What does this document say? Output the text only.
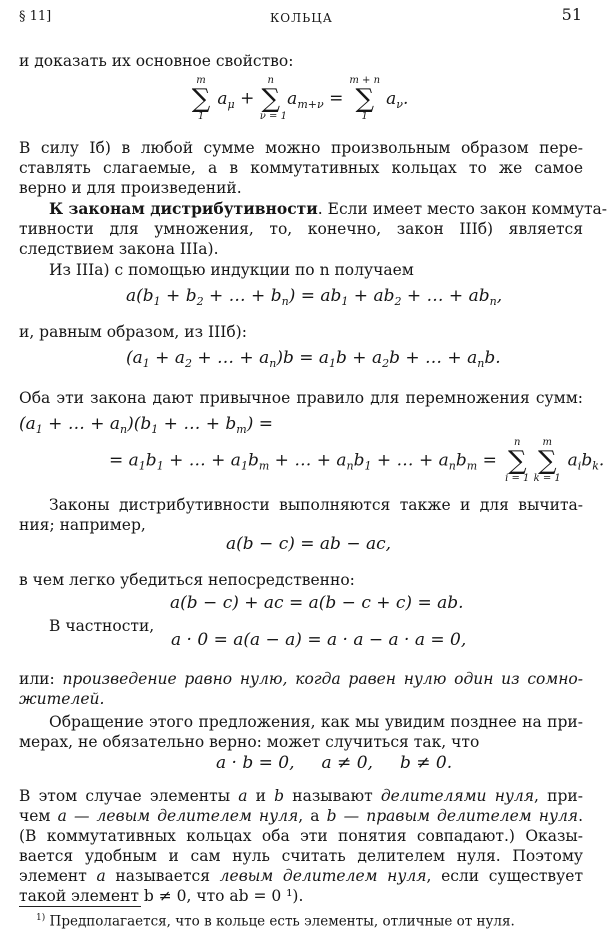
§ 11]	КОЛЬЦА	51
и доказать их основное свойство:
m
∑
1
$a_\mu$ +
n
∑
ν = 1
$a_{m+\nu}$ =
m + n
∑
1
$a_\nu$.
В силу Iб) в любой сумме можно произвольным образом пере-
ставлять слагаемые, а в коммутативных кольцах то же самое
верно и для произведений.
К законам дистрибутивности. Если имеет место закон коммута-
тивности для умножения, то, конечно, закон IIIб) является
следствием закона IIIa).
Из IIIa) с помощью индукции по n получаем
$a(b_1 + b_2$ + … + $b_n) = ab_1 + ab_2$ + … + $ab_n$,
и, равным образом, из IIIб):
($a_1 + a_2$ + … + $a_n)b = a_1b + a_2b$ + … + $a_nb$.
Оба эти закона дают привычное правило для перемножения сумм:
($a_1$ + … + $a_n)(b_1$ + … + $b_m$) =
= $a_1b_1$ + … + $a_1b_m$ + … + $a_nb_1$ + … + $a_nb_m$ =
n
∑
i = 1
m
∑
k = 1
$a_ib_k$.
Законы дистрибутивности выполняются также и для вычита-
ния; например,
a(b − c) = ab − ac,
в чем легко убедиться непосредственно:
a(b − c) + ac = a(b − c + c) = ab.
В частности,
a · 0 = a(a − a) = a · a − a · a = 0,
или: произведение равно нулю, когда равен нулю один из сомно-
жителей.
Обращение этого предложения, как мы увидим позднее на при-
мерах, не обязательно верно: может случиться так, что
a · b = 0,     a ≠ 0,     b ≠ 0.
В этом случае элементы a и b называют делителями нуля, при-
чем а — левым делителем нуля, а b — правым делителем нуля.
(В коммутативных кольцах оба эти понятия совпадают.) Оказы-
вается удобным и сам нуль считать делителем нуля. Поэтому
элемент a называется левым делителем нуля, если существует
такой элемент b ≠ 0, что ab = 0 ¹).
$^{1)}$ Предполагается, что в кольце есть элементы, отличные от нуля.
